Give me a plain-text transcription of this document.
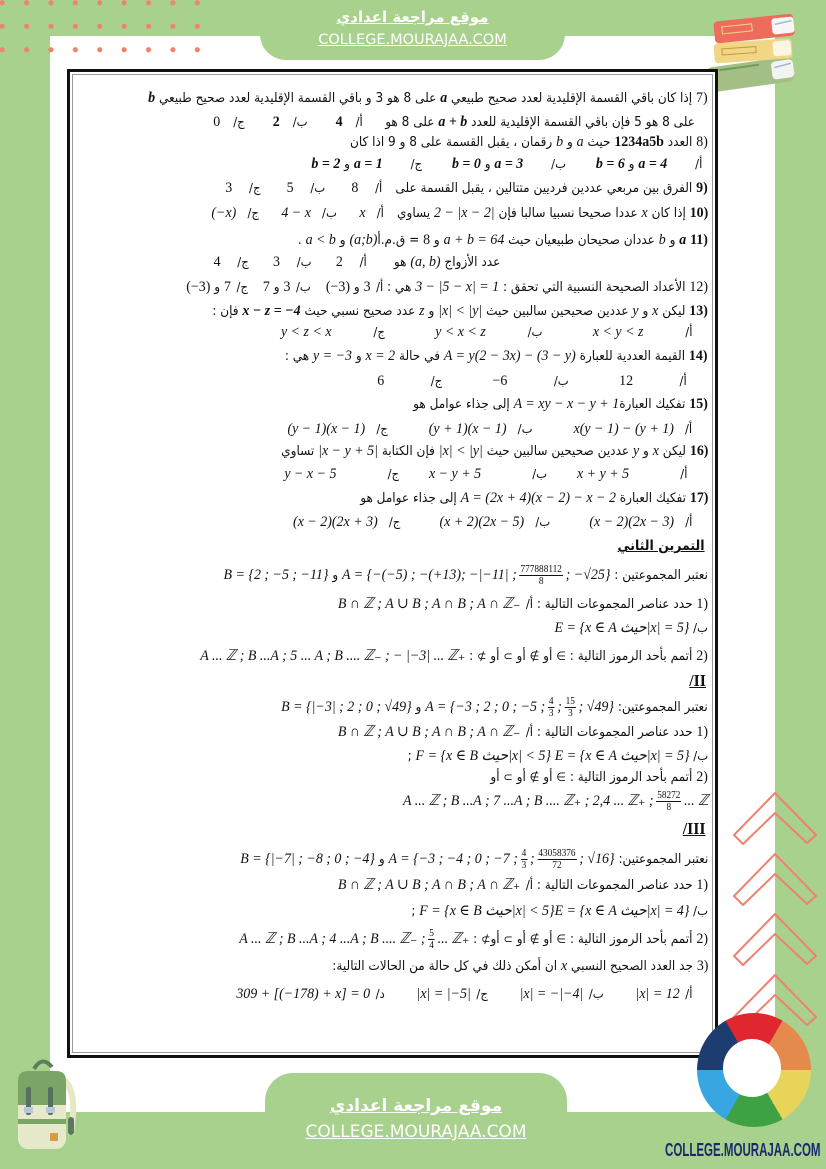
موقع مراجعة اعدادي
COLLEGE.MOURAJAA.COM
7) إذا كان باقي القسمة الإقليدية لعدد صحيح طبيعي a على 8 هو 3 و باقي القسمة الإقليدية لعدد صحيح طبيعي b
على 8 هو 5 فإن باقي القسمة الإقليدية للعدد a + b على 8 هو أ/4 ب/2 ج/0
8) العدد 1234a5b حيث a و b رقمان ، يقبل القسمة على 8 و 9 اذا كان
أ/a = 4 و b = 6 ب/a = 3 و b = 0 ج/a = 1 و b = 2
9) الفرق بين مربعي عددين فرديين متتالين ، يقبل القسمة على أ/8 ب/5 ج/3
10) إذا كان x عددا صحيحا نسبيا سالبا فإن 2 − |x − 2| يساوي أ/x ب/4 − x ج/(−x)
11) a و b عددان صحيحان طبيعيان حيث a + b = 64 و 8 = ق.م.أ(a;b) و a < b .
عدد الأزواج (a, b) هو أ/2 ب/3 ج/4
12) الأعداد الصحيحة النسبية التي تحقق : 3 − |5 − x| = 1 هي :أ/3 و (−3) ب/3 و 7 ج/7 و (−3)
13) ليكن x و y عددين صحيحين سالبين حيث |x| < |y| و z عدد صحيح نسبي حيث x − z = −4 فإن :
أ/x < y < z ب/y < x < z ج/y < z < x
14) القيمة العددية للعبارة A = y(2 − 3x) − (3 − y) في حالة x = 2 و y = −3 هي :
أ/12 ب/−6 ج/6
15) تفكيك العبارةA = xy − x − y + 1 إلى جذاء عوامل هو
أ/x(y − 1) − (y + 1) ب/(y + 1)(x − 1) ج/(y − 1)(x − 1)
16) ليكن x و y عددين صحيحين سالبين حيث |x| < |y| فإن الكتابة |x − y + 5| تساوي
أ/x + y + 5 ب/x − y + 5 ج/y − x − 5
17) تفكيك العبارة A = (2x + 4)(x − 2) − x − 2 إلى جذاء عوامل هو
أ/(x − 2)(2x − 3) ب/(x + 2)(2x − 5) ج/(x − 2)(2x + 3)
التمرين الثاني
نعتبر المجموعتين : A = {−(−5) ; −(+13); −|−11| ; $\frac{777888112}{8}$ ; −√25} و B = {2 ; −5 ; −11}
1) حدد عناصر المجموعات التالية : أ/B ∩ ℤ ; A ∪ B ; A ∩ B ; A ∩ ℤ₋
ب/E = {x ∈ A حيث|x| = 5}
2) أتمم بأحد الرموز التالية : ∈ أو ∉ أو ⊂ أو ⊄ : A ... ℤ ; B ...A ; 5 ... A ; B .... ℤ₋ ; − |−3| ... ℤ₊
/II
نعتبر المجموعتين: A = {−3 ; 2 ; 0 ; −5 ; $\frac{4}{3}$ ; $\frac{15}{3}$ ; √49} و B = {|−3| ; 2 ; 0 ; √49}
1) حدد عناصر المجموعات التالية : أ/B ∩ ℤ ; A ∪ B ; A ∩ B ; A ∩ ℤ₋
ب/E = {x ∈ A حيث|x| = 5} F = {x ∈ B حيث|x| < 5} ;
2) أتمم بأحد الرموز التالية : ∈ أو ∉ أو ⊂ أو
A ... ℤ ; B ...A ; 7 ...A ; B .... ℤ₊ ; 2,4 ... ℤ₊ ; $\frac{58272}{8}$ ... ℤ
/III
نعتبر المجموعتين: A = {−3 ; −4 ; 0 ; −7 ; $\frac{4}{3}$ ; $\frac{43058376}{72}$ ; √16} و B = {|−7| ; −8 ; 0 ; −4}
1) حدد عناصر المجموعات التالية : أ/B ∩ ℤ ; A ∪ B ; A ∩ B ; A ∩ ℤ₊
ب/E = {x ∈ A حيث|x| = 4}F = {x ∈ B حيث|x| < 5} ;
2) أتمم بأحد الرموز التالية : ∈ أو ∉ أو ⊂ أو⊄ : A ... ℤ ; B ...A ; 4 ...A ; B .... ℤ₋ ; $\frac{5}{4}$ ... ℤ₊
3) جد العدد الصحيح النسبي x ان أمكن ذلك في كل حالة من الحالات التالية:
أ/|x| = 12 ب/|x| = −|−4| ج/|x| = |−5| د/309 + [(−178) + x] = 0
موقع مراجعة اعدادي
COLLEGE.MOURAJAA.COM
COLLEGE.MOURAJAA.COM
